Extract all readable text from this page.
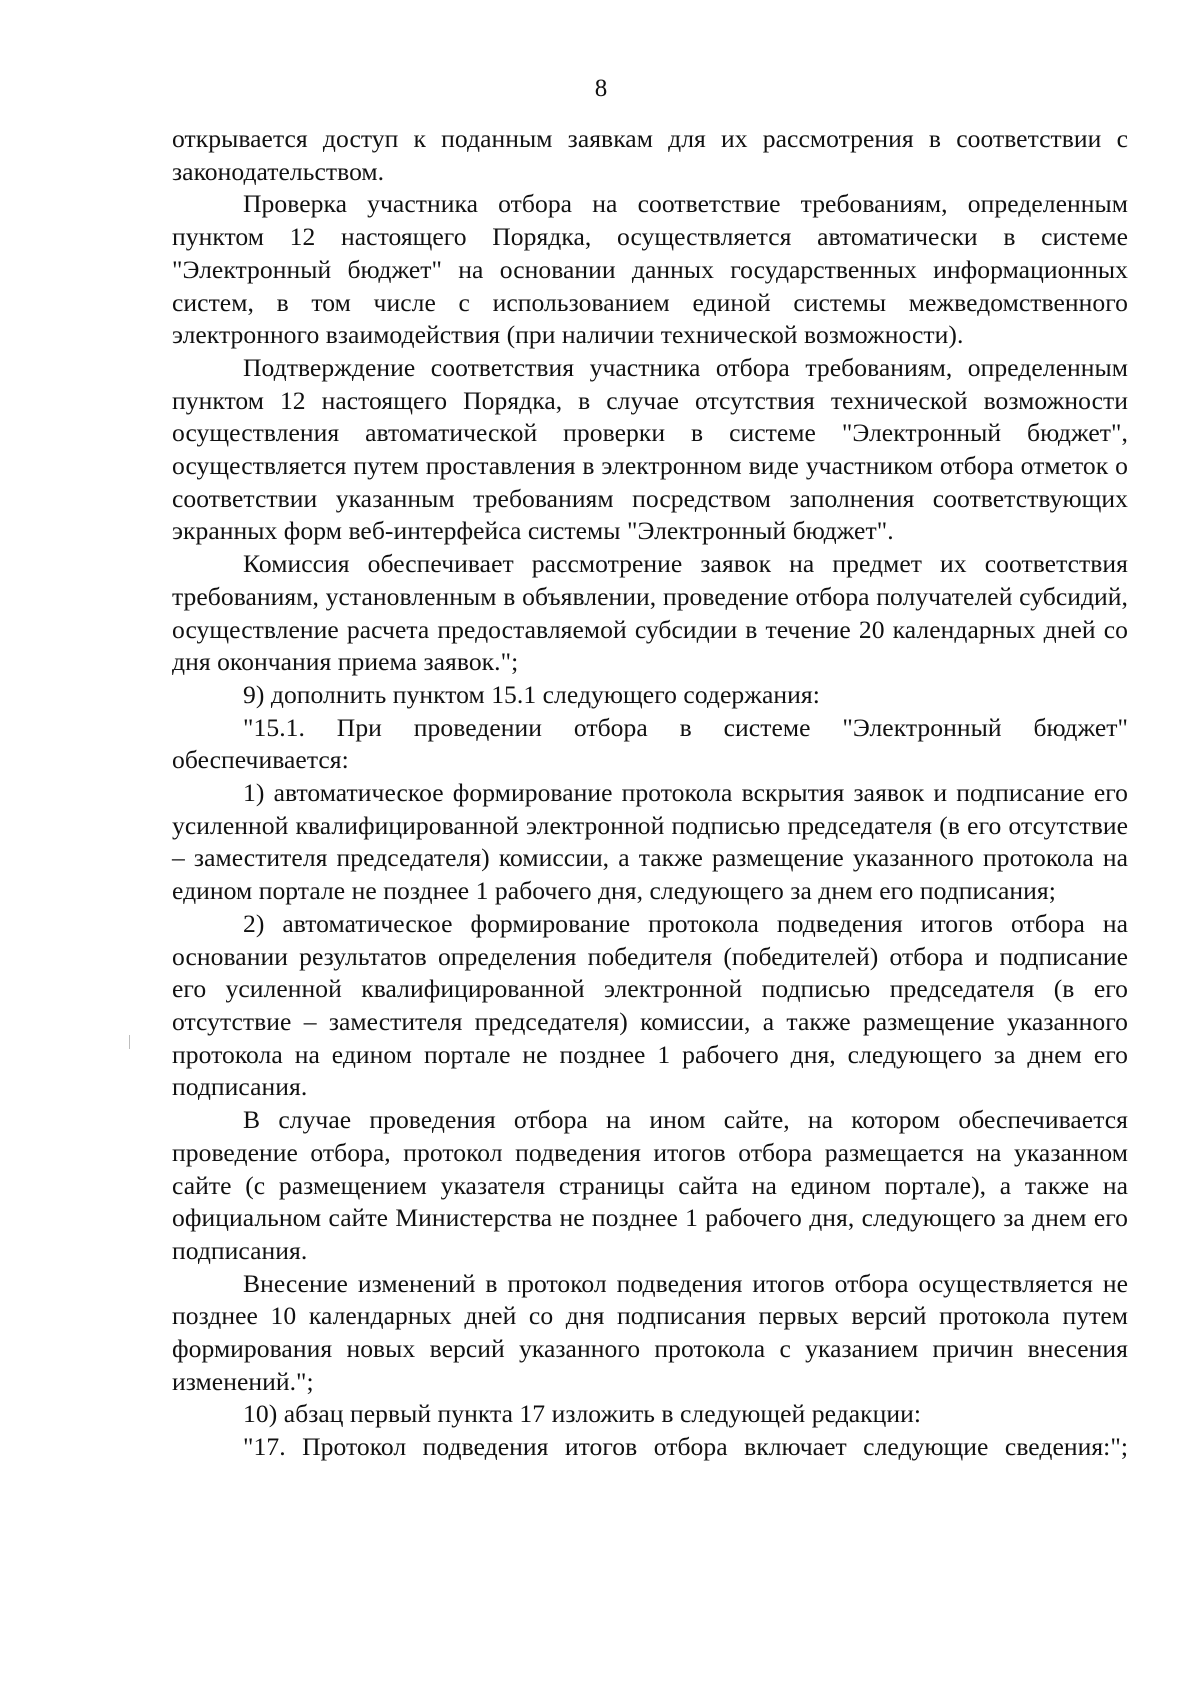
8

открывается доступ к поданным заявкам для их рассмотрения в соответствии с законодательством.

Проверка участника отбора на соответствие требованиям, определенным пунктом 12 настоящего Порядка, осуществляется автоматически в системе "Электронный бюджет" на основании данных государственных информационных систем, в том числе с использованием единой системы межведомственного электронного взаимодействия (при наличии технической возможности).

Подтверждение соответствия участника отбора требованиям, определенным пунктом 12 настоящего Порядка, в случае отсутствия технической возможности осуществления автоматической проверки в системе "Электронный бюджет", осуществляется путем проставления в электронном виде участником отбора отметок о соответствии указанным требованиям посредством заполнения соответствующих экранных форм веб-интерфейса системы "Электронный бюджет".

Комиссия обеспечивает рассмотрение заявок на предмет их соответствия требованиям, установленным в объявлении, проведение отбора получателей субсидий, осуществление расчета предоставляемой субсидии в течение 20 календарных дней со дня окончания приема заявок.";

9) дополнить пунктом 15.1 следующего содержания:

"15.1. При проведении отбора в системе "Электронный бюджет" обеспечивается:

1) автоматическое формирование протокола вскрытия заявок и подписание его усиленной квалифицированной электронной подписью председателя (в его отсутствие – заместителя председателя) комиссии, а также размещение указанного протокола на едином портале не позднее 1 рабочего дня, следующего за днем его подписания;

2) автоматическое формирование протокола подведения итогов отбора на основании результатов определения победителя (победителей) отбора и подписание его усиленной квалифицированной электронной подписью председателя (в его отсутствие – заместителя председателя) комиссии, а также размещение указанного протокола на едином портале не позднее 1 рабочего дня, следующего за днем его подписания.

В случае проведения отбора на ином сайте, на котором обеспечивается проведение отбора, протокол подведения итогов отбора размещается на указанном сайте (с размещением указателя страницы сайта на едином портале), а также на официальном сайте Министерства не позднее 1 рабочего дня, следующего за днем его подписания.

Внесение изменений в протокол подведения итогов отбора осуществляется не позднее 10 календарных дней со дня подписания первых версий протокола путем формирования новых версий указанного протокола с указанием причин внесения изменений.";

10) абзац первый пункта 17 изложить в следующей редакции:

"17. Протокол подведения итогов отбора включает следующие сведения:";
